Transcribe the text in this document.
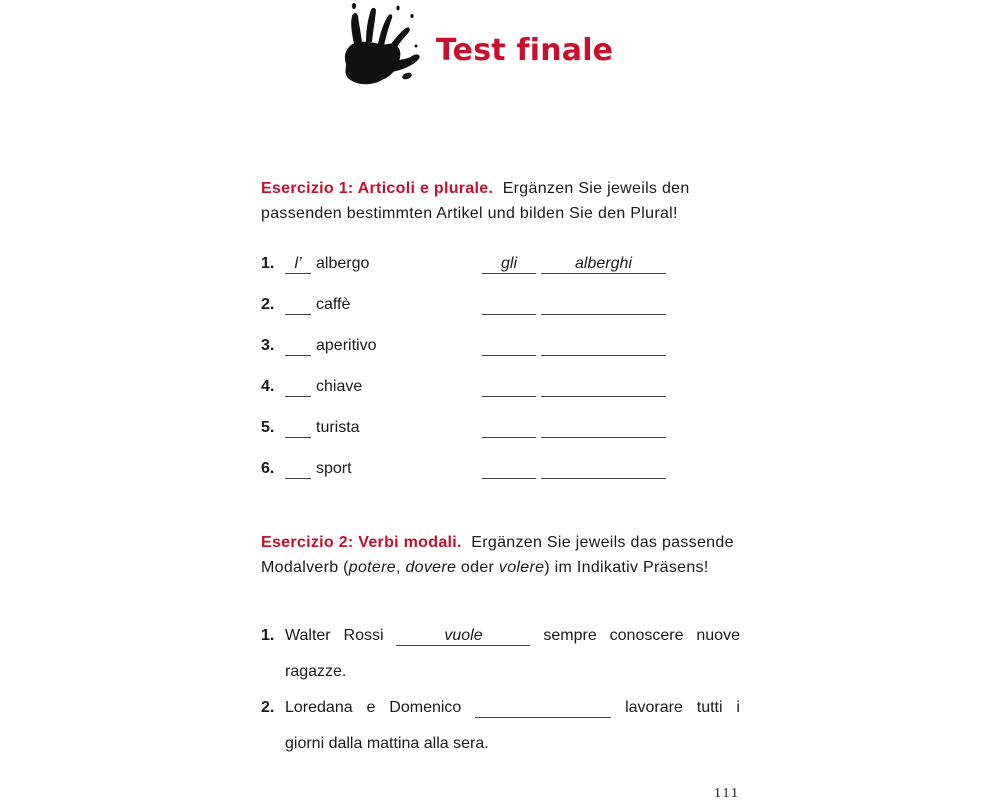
Test finale
Esercizio 1: Articoli e plurale. Ergänzen Sie jeweils den passenden bestimmten Artikel und bilden Sie den Plural!
1.	l’ albergo	gli	alberghi
2.	caffè
3.	aperitivo
4.	chiave
5.	turista
6.	sport
Esercizio 2: Verbi modali. Ergänzen Sie jeweils das passende Modalverb (potere, dovere oder volere) im Indikativ Präsens!
1. Walter Rossi	vuole	sempre conoscere nuove
ragazze.
2. Loredana e Domenico	lavorare tutti i
giorni dalla mattina alla sera.
111
